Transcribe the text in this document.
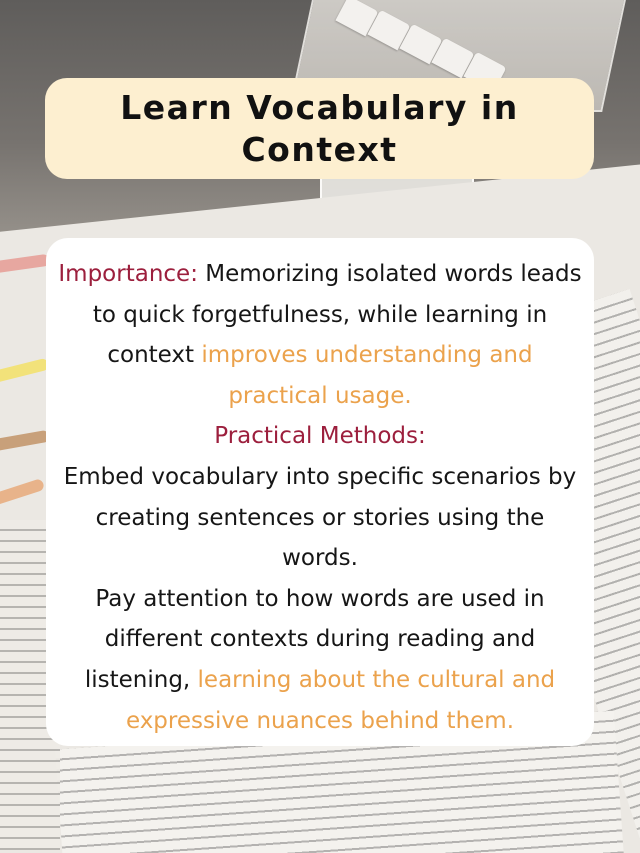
Learn Vocabulary in Context

Importance: Memorizing isolated words leads to quick forgetfulness, while learning in context improves understanding and practical usage.

Practical Methods:

Embed vocabulary into specific scenarios by creating sentences or stories using the words.

Pay attention to how words are used in different contexts during reading and listening, learning about the cultural and expressive nuances behind them.
